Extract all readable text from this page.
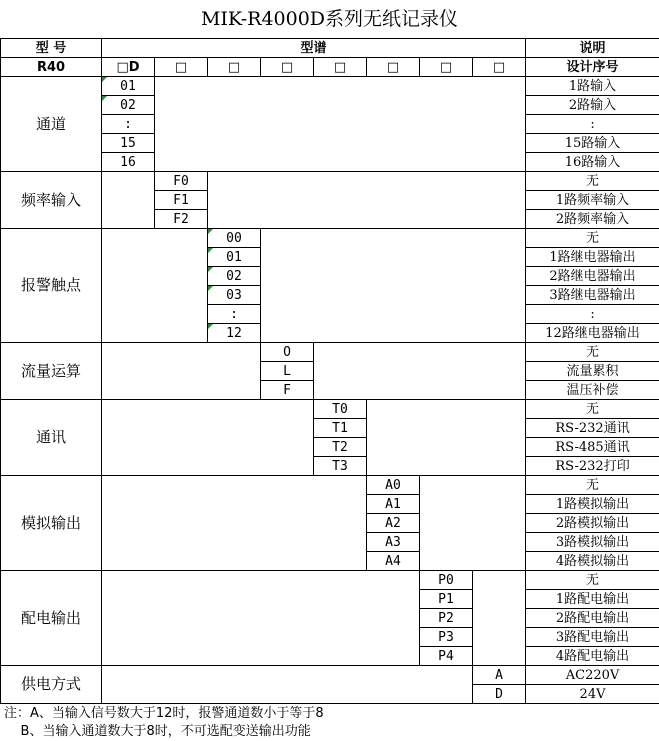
MIK-R4000D系列无纸记录仪
型 号	型谱								说明
R40	□D	□	□	□	□	□	□	□	设计序号
通道	01								1路输入
	02								2路输入
	:								:
	15								15路输入
	16								16路输入
频率输入		F0							无
		F1							1路频率输入
		F2							2路频率输入
报警触点			00						无
			01						1路继电器输出
			02						2路继电器输出
			03						3路继电器输出
			:						:
			12						12路继电器输出
流量运算				O					无
				L					流量累积
				F					温压补偿
通讯					T0				无
					T1				RS-232通讯
					T2				RS-485通讯
					T3				RS-232打印
模拟输出						A0			无
						A1			1路模拟输出
						A2			2路模拟输出
						A3			3路模拟输出
						A4			4路模拟输出
配电输出							P0		无
							P1		1路配电输出
							P2		2路配电输出
							P3		3路配电输出
							P4		4路配电输出
供电方式								A	AC220V
								D	24V
注：A、当输入信号数大于12时，报警通道数小于等于8
B、当输入通道数大于8时，不可选配变送输出功能
